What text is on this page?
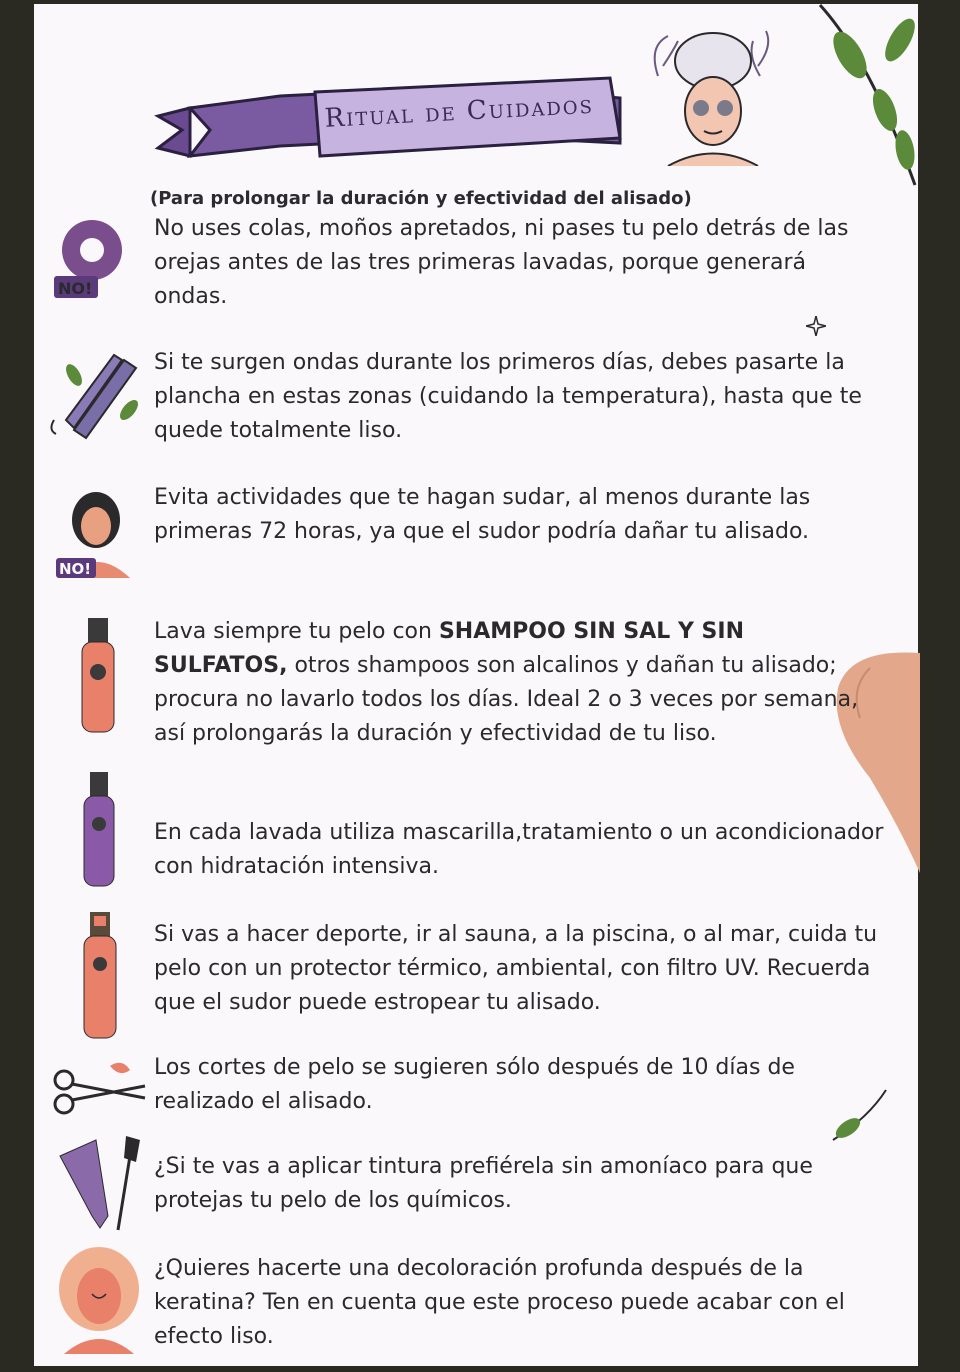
Ritual de Cuidados
(Para prolongar la duración y efectividad del alisado)
NO!
No uses colas, moños apretados, ni pases tu pelo detrás de las orejas antes de las tres primeras lavadas, porque generará ondas.
Si te surgen ondas durante los primeros días, debes pasarte la plancha en estas zonas (cuidando la temperatura), hasta que te quede totalmente liso.
NO!
Evita actividades que te hagan sudar, al menos durante las primeras 72 horas, ya que el sudor podría dañar tu alisado.
Lava siempre tu pelo con SHAMPOO SIN SAL Y SIN SULFATOS, otros shampoos son alcalinos y dañan tu alisado; procura no lavarlo todos los días. Ideal 2 o 3 veces por semana, así prolongarás la duración y efectividad de tu liso.
En cada lavada utiliza mascarilla,tratamiento o un acondicionador con hidratación intensiva.
Si vas a hacer deporte, ir al sauna, a la piscina, o al mar, cuida tu pelo con un protector térmico, ambiental, con filtro UV. Recuerda que el sudor puede estropear tu alisado.
Los cortes de pelo se sugieren sólo después de 10 días de realizado el alisado.
¿Si te vas a aplicar tintura prefiérela sin amoníaco para que protejas tu pelo de los químicos.
¿Quieres hacerte una decoloración profunda después de la keratina? Ten en cuenta que este proceso puede acabar con el efecto liso.
